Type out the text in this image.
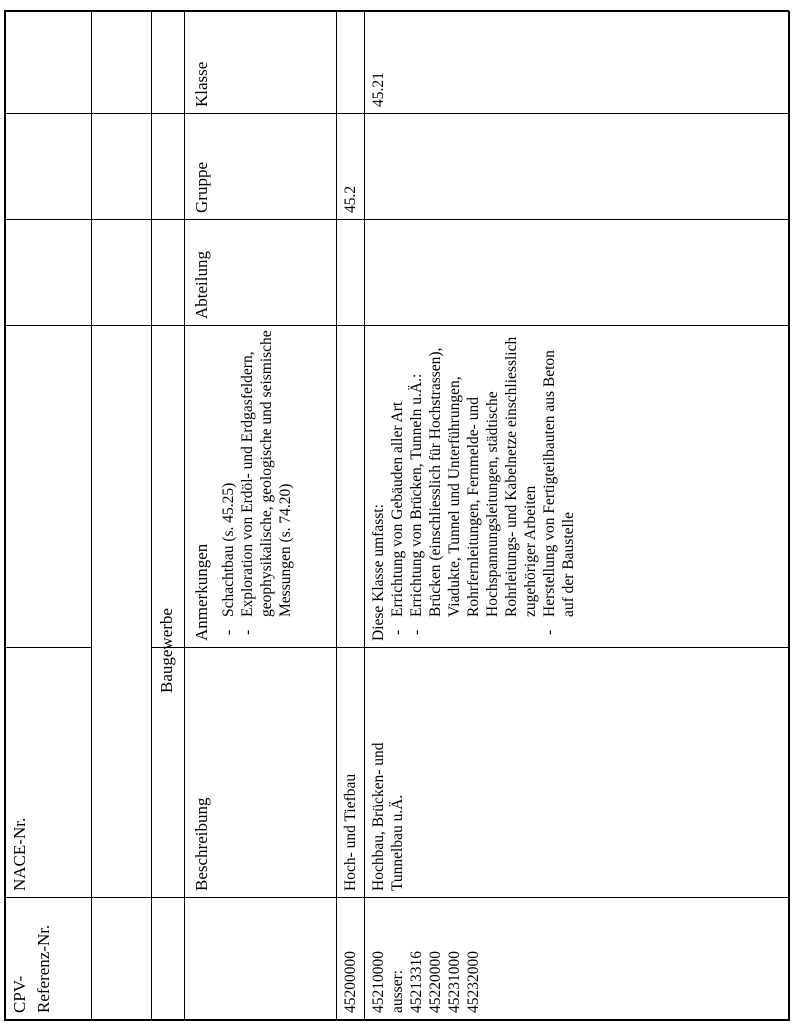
CPV-
Referenz-Nr.
NACE-Nr.
Baugewerbe
Beschreibung
Anmerkungen
Abteilung
Gruppe
Klasse
-
Schachtbau (s. 45.25)
-
Exploration von Erdöl- und Erdgasfeldern, geophysikalische, geologische und seismische Messungen (s. 74.20)
45200000
Hoch- und Tiefbau
45.2
45210000
ausser:
45213316
45220000
45231000
45232000
Hochbau, Brücken- und Tunnelbau u.Ä.
Diese Klasse umfasst: -
Errichtung von Gebäuden aller Art
-
Errichtung von Brücken, Tunneln u.Ä.: Brücken (einschliesslich für Hochstrassen), Viadukte, Tunnel und Unterführungen, Rohrfernleitungen, Fernmelde- und Hochspannungsleitungen, städtische Rohrleitungs- und Kabelnetze einschliesslich zugehöriger Arbeiten
-
Herstellung von Fertigteilbauten aus Beton auf der Baustelle
45.21
